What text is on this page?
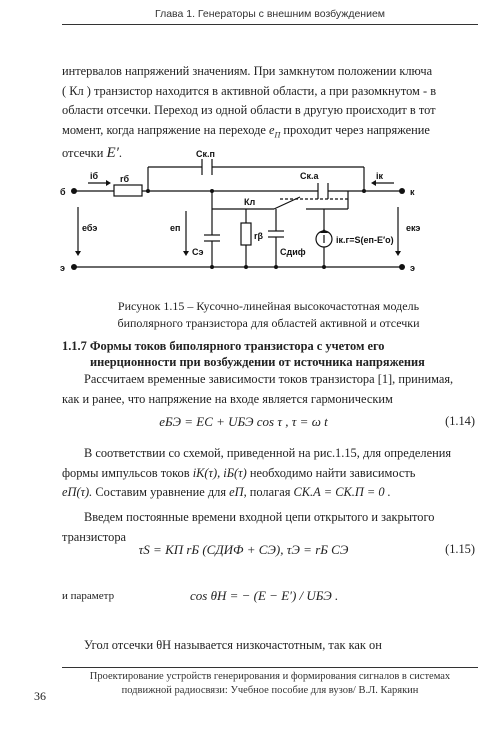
Глава 1. Генераторы с внешним возбуждением

интервалов напряжений значениям. При замкнутом положении ключа
( Кл ) транзистор находится в активной области, а при разомкнутом - в
области отсечки. Переход из одной области в другую происходит в тот
момент, когда напряжение на переходе $e_П$ проходит через напряжение
отсечки E′.	Ск.п
Ск.а
iб rб	iк
б	к
э	э
ебэ	еп
Кл
Сэ
rβ
Сдиф
iк.г=S(еп-Е′о)
екэ
Рисунок 1.15 – Кусочно-линейная высокочастотная модель
биполярного транзистора для областей активной и отсечки
1.1.7 Формы токов биполярного транзистора с учетом его
инерционности при возбуждении от источника напряжения

Рассчитаем временные зависимости токов транзистора [1], принимая,
как и ранее, что напряжение на входе является гармоническим

eБЭ = EС + UБЭ cos τ , τ = ω t	(1.14)

В соответствии со схемой, приведенной на рис.1.15, для определения
формы импульсов токов iК(τ), iБ(τ) необходимо найти зависимость
eП(τ). Составим уравнение для eП, полагая CК.А = CК.П = 0 .

Введем постоянные времени входной цепи открытого и закрытого
транзистора

τS = KП rБ (CДИФ + CЭ), τЭ = rБ CЭ	(1.15)
и параметр	cos θН = − (E − E′) / UБЭ .

Угол отсечки θН называется низкочастотным, так как он

Проектирование устройств генерирования и формирования сигналов в системах
подвижной радиосвязи: Учебное пособие для вузов/ В.Л. Карякин
36
